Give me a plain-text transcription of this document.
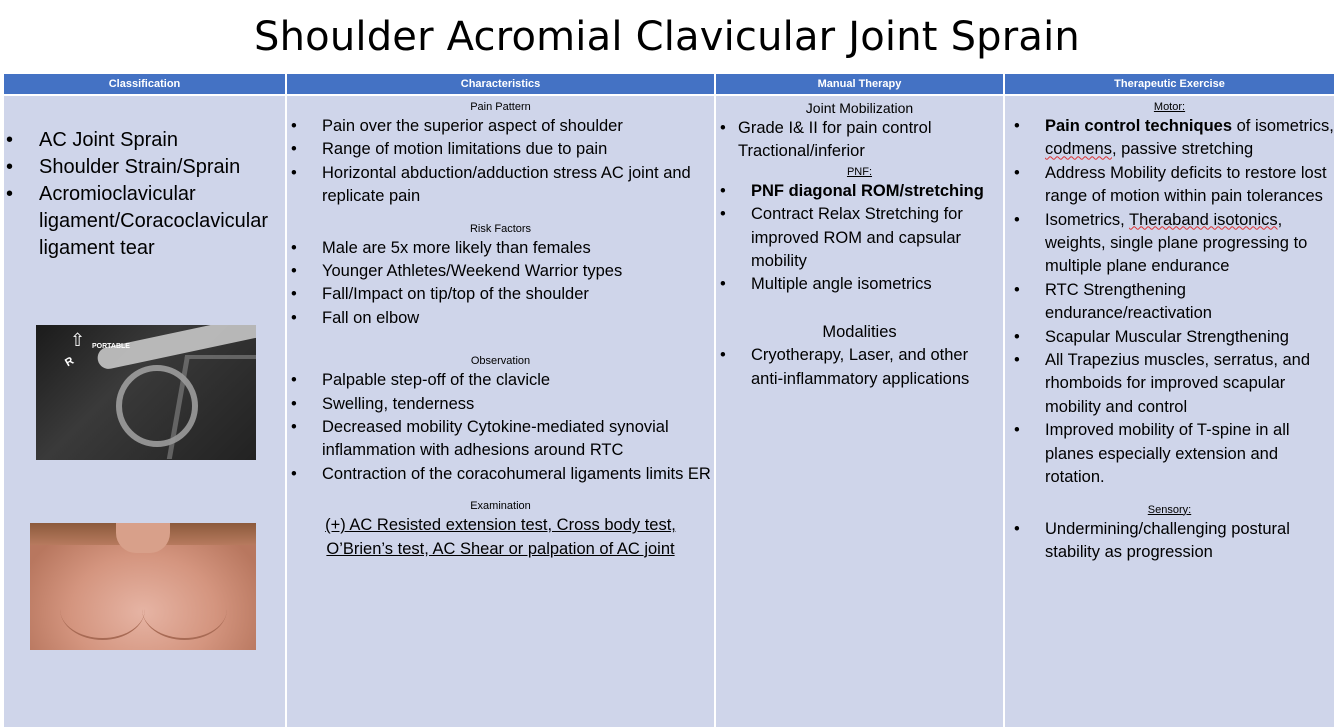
Shoulder Acromial Clavicular Joint Sprain
Classification
• AC Joint Sprain
• Shoulder Strain/Sprain
• Acromioclavicular ligament/Coracoclavicular ligament tear
⇧
R
PORTABLE
Characteristics
Pain Pattern
• Pain over the superior aspect of shoulder
• Range of motion limitations due to pain
• Horizontal abduction/adduction stress AC joint and replicate pain
Risk Factors
• Male are 5x more likely than females
• Younger Athletes/Weekend Warrior types
• Fall/Impact on tip/top of the shoulder
• Fall on elbow
Observation
• Palpable step-off of the clavicle
• Swelling, tenderness
• Decreased mobility Cytokine-mediated synovial inflammation with adhesions around RTC
• Contraction of the coracohumeral ligaments limits ER
Examination
(+) AC Resisted extension test, Cross body test, O’Brien’s test, AC Shear or palpation of AC joint
Manual Therapy
Joint Mobilization
• Grade I& II for pain control Tractional/inferior
PNF:
• PNF diagonal ROM/stretching
• Contract Relax Stretching for improved ROM and capsular mobility
• Multiple angle isometrics
Modalities
• Cryotherapy, Laser, and other anti-inflammatory applications
Therapeutic Exercise
Motor:
• Pain control techniques of isometrics, codmens, passive stretching
• Address Mobility deficits to restore lost range of motion within pain tolerances
• Isometrics, Theraband isotonics, weights, single plane progressing to multiple plane endurance
• RTC Strengthening endurance/reactivation
• Scapular Muscular Strengthening
• All Trapezius muscles, serratus, and rhomboids for improved scapular mobility and control
• Improved mobility of T-spine in all planes especially extension and rotation.
Sensory:
• Undermining/challenging postural stability as progression
